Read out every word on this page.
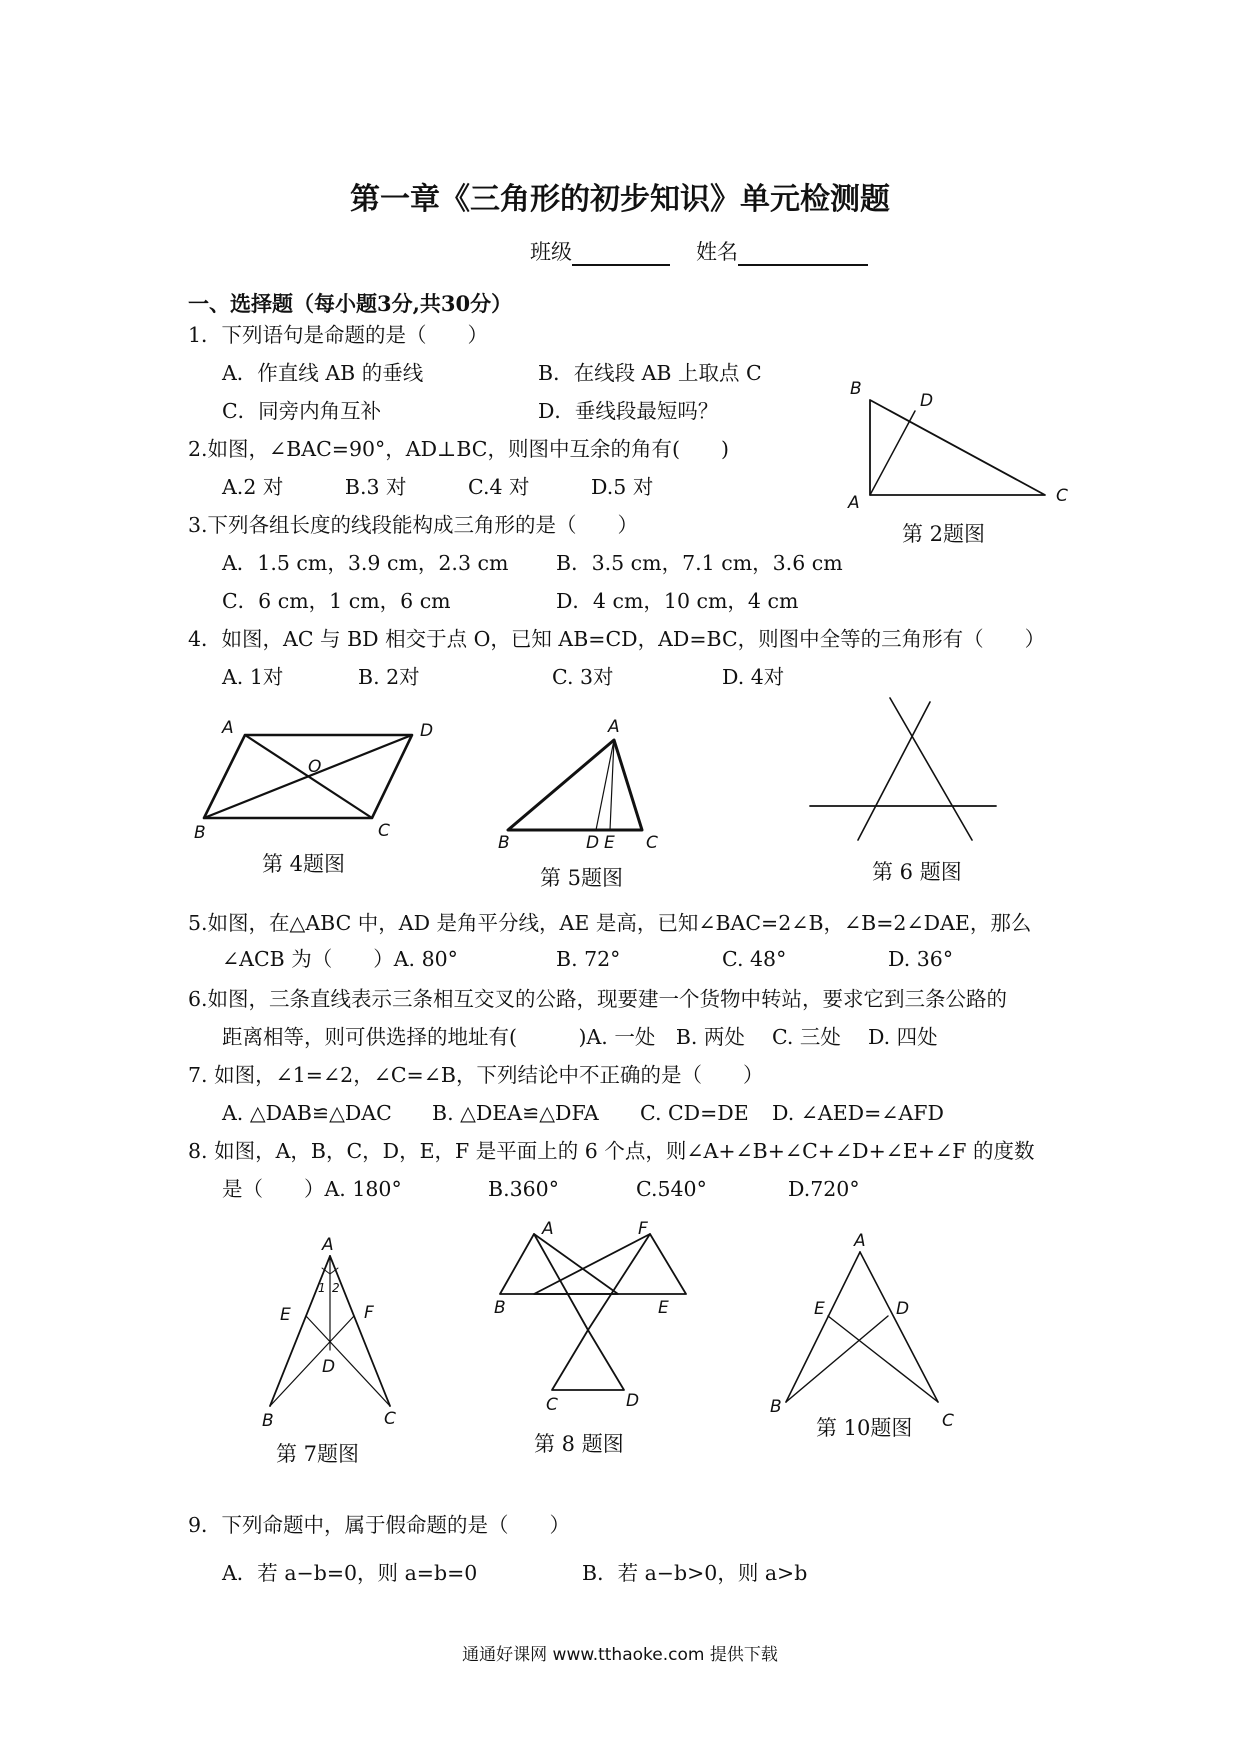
第一章《三角形的初步知识》单元检测题
班级	姓名
一、选择题（每小题3分,共30分）
1．下列语句是命题的是（　　）
A．作直线 AB 的垂线	B．在线段 AB 上取点 C
C．同旁内角互补	D．垂线段最短吗？
2.如图，∠BAC=90°，AD⊥BC，则图中互余的角有(　　)
A.2 对　　　B.3 对　　　C.4 对　　　D.5 对
B
D
A	C
第 2题图
3.下列各组长度的线段能构成三角形的是（　　）
A．1.5 cm，3.9 cm，2.3 cm B．3.5 cm，7.1 cm，3.6 cm
C．6 cm，1 cm，6 cm	D．4 cm，10 cm，4 cm
4．如图，AC 与 BD 相交于点 O，已知 AB=CD，AD=BC，则图中全等的三角形有（　　）
A. 1对	B. 2对	C. 3对	D. 4对
A	D
O
B	C
第 4题图
A
B	D E C
第 5题图	第 6 题图
5.如图，在△ABC 中，AD 是角平分线，AE 是高，已知∠BAC=2∠B，∠B=2∠DAE，那么
∠ACB 为（　　）A. 80°	B. 72°	C. 48°	D. 36°
6.如图，三条直线表示三条相互交叉的公路，现要建一个货物中转站，要求它到三条公路的
距离相等，则可供选择的地址有(　　　)A. 一处　B. 两处　 C. 三处　 D. 四处
7. 如图，∠1=∠2，∠C=∠B，下列结论中不正确的是（　　）
A. △DAB≌△DAC B. △DEA≌△DFA C. CD=DE D. ∠AED=∠AFD
8. 如图，A，B，C，D，E，F 是平面上的 6 个点，则∠A+∠B+∠C+∠D+∠E+∠F 的度数
是（　　）A. 180°	B.360°	C.540°	D.720°
A
1 2
E	F
D
B	C
第 7题图
A	F
B	E
C	D
第 8 题图
A
E	D
B
C
第 10题图
9．下列命题中，属于假命题的是（　　）
A．若 a−b=0，则 a=b=0	B．若 a−b>0，则 a>b
通通好课网 www.tthaoke.com 提供下载
